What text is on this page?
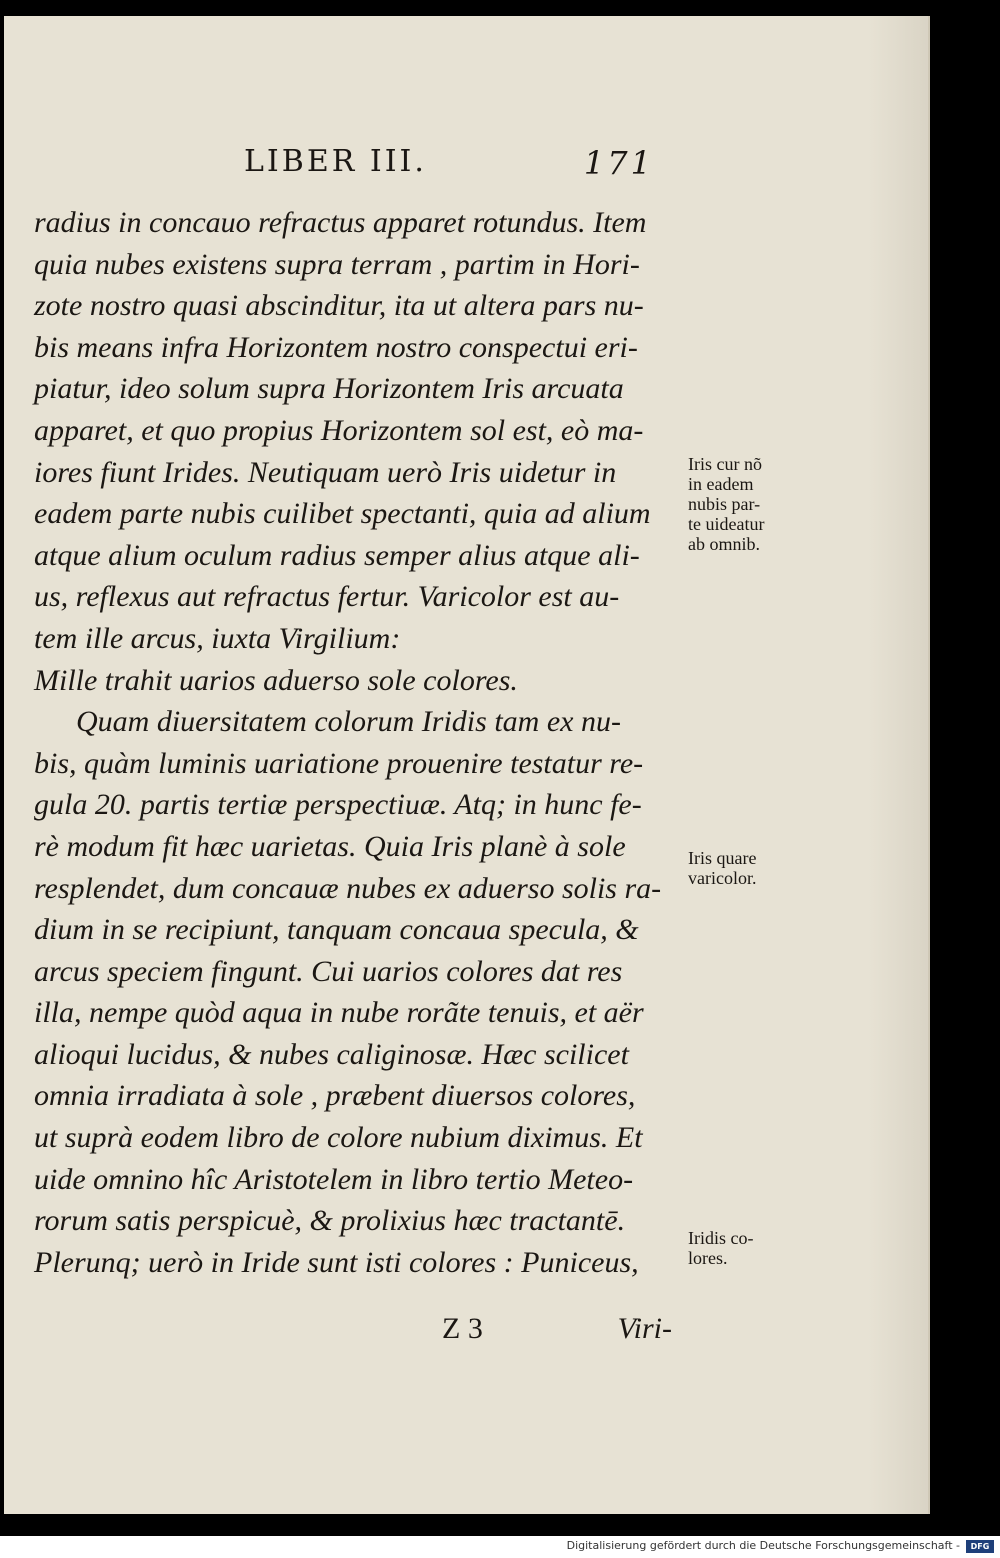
LIBER III.	171
radius in concauo refractus apparet rotundus. Item
quia nubes existens supra terram , partim in Hori-
zote nostro quasi abscinditur, ita ut altera pars nu-
bis means infra Horizontem nostro conspectui eri-
piatur, ideo solum supra Horizontem Iris arcuata
apparet, et quo propius Horizontem sol est, eò ma-
iores fiunt Irides. Neutiquam uerò Iris uidetur in
eadem parte nubis cuilibet spectanti, quia ad alium
atque alium oculum radius semper alius atque ali-
us, reflexus aut refractus fertur. Varicolor est au-
tem ille arcus, iuxta Virgilium:
Mille trahit uarios aduerso sole colores.
Quam diuersitatem colorum Iridis tam ex nu-
bis, quàm luminis uariatione prouenire testatur re-
gula 20. partis tertiæ perspectiuæ. Atq; in hunc fe-
rè modum fit hæc uarietas. Quia Iris planè à sole
resplendet, dum concauæ nubes ex aduerso solis ra-
dium in se recipiunt, tanquam concaua specula, &
arcus speciem fingunt. Cui uarios colores dat res
illa, nempe quòd aqua in nube rorãte tenuis, et aër
alioqui lucidus, & nubes caliginosæ. Hæc scilicet
omnia irradiata à sole , præbent diuersos colores,
ut suprà eodem libro de colore nubium diximus. Et
uide omnino hîc Aristotelem in libro tertio Meteo-
rorum satis perspicuè, & prolixius hæc tractantē.
Plerunq; uerò in Iride sunt isti colores : Puniceus,
Iris cur nõ
in eadem
nubis par-
te uideatur
ab omnib.
Iris quare
varicolor.
Iridis co-
lores.
Z 3	Viri-
Digitalisierung gefördert durch die Deutsche Forschungsgemeinschaft -	DFG
